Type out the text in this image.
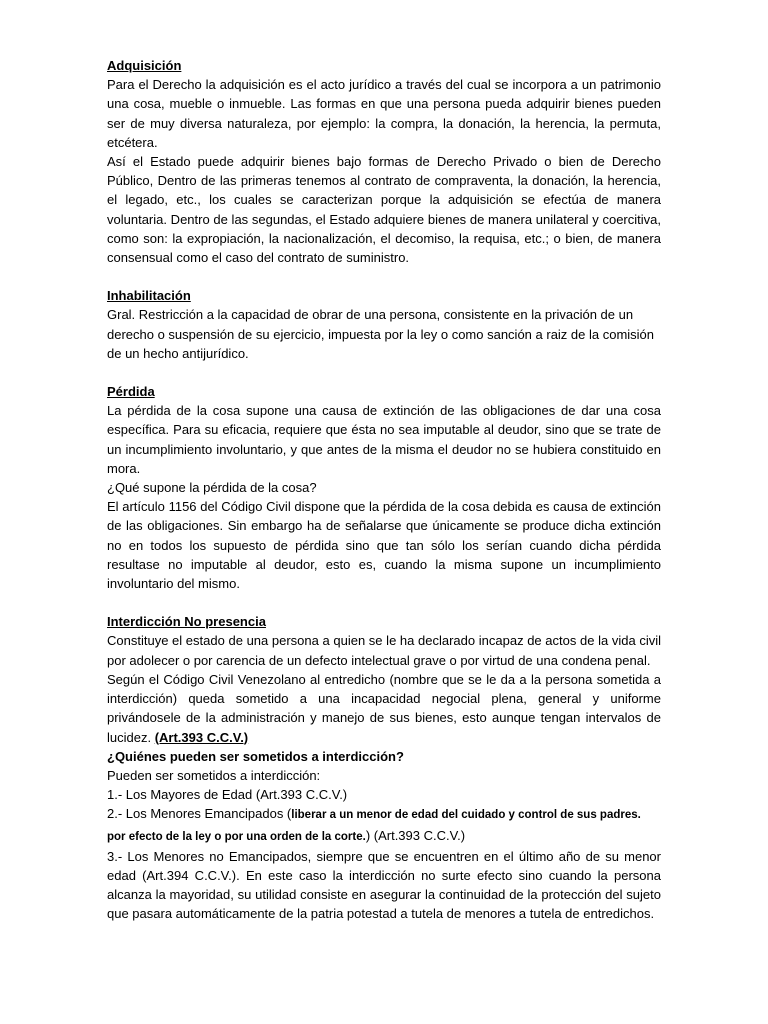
Adquisición

Para el Derecho la adquisición es el acto jurídico a través del cual se incorpora a un patrimonio una cosa, mueble o inmueble. Las formas en que una persona pueda adquirir bienes pueden ser de muy diversa naturaleza, por ejemplo: la compra, la donación, la herencia, la permuta, etcétera.

Así el Estado puede adquirir bienes bajo formas de Derecho Privado o bien de Derecho Público, Dentro de las primeras tenemos al contrato de compraventa, la donación, la herencia, el legado, etc., los cuales se caracterizan porque la adquisición se efectúa de manera voluntaria. Dentro de las segundas, el Estado adquiere bienes de manera unilateral y coercitiva, como son: la expropiación, la nacionalización, el decomiso, la requisa, etc.; o bien, de manera consensual como el caso del contrato de suministro.

Inhabilitación

Gral. Restricción a la capacidad de obrar de una persona, consistente en la privación de un derecho o suspensión de su ejercicio, impuesta por la ley o como sanción a raiz de la comisión de un hecho antijurídico.

Pérdida

La pérdida de la cosa supone una causa de extinción de las obligaciones de dar una cosa específica. Para su eficacia, requiere que ésta no sea imputable al deudor, sino que se trate de un incumplimiento involuntario, y que antes de la misma el deudor no se hubiera constituido en mora.

¿Qué supone la pérdida de la cosa?

El artículo 1156 del Código Civil dispone que la pérdida de la cosa debida es causa de extinción de las obligaciones. Sin embargo ha de señalarse que únicamente se produce dicha extinción no en todos los supuesto de pérdida sino que tan sólo los serían cuando dicha pérdida resultase no imputable al deudor, esto es, cuando la misma supone un incumplimiento involuntario del mismo.

Interdicción No presencia

Constituye el estado de una persona a quien se le ha declarado incapaz de actos de la vida civil por adolecer o por carencia de un defecto intelectual grave o por virtud de una condena penal.

Según el Código Civil Venezolano al entredicho (nombre que se le da a la persona sometida a interdicción) queda sometido a una incapacidad negocial plena, general y uniforme privándosele de la administración y manejo de sus bienes, esto aunque tengan intervalos de lucidez. (Art.393 C.C.V.)

¿Quiénes pueden ser sometidos a interdicción?

Pueden ser sometidos a interdicción:

1.- Los Mayores de Edad (Art.393 C.C.V.)

2.- Los Menores Emancipados (liberar a un menor de edad del cuidado y control de sus padres. por efecto de la ley o por una orden de la corte.) (Art.393 C.C.V.)

3.- Los Menores no Emancipados, siempre que se encuentren en el último año de su menor edad (Art.394 C.C.V.). En este caso la interdicción no surte efecto sino cuando la persona alcanza la mayoridad, su utilidad consiste en asegurar la continuidad de la protección del sujeto que pasara automáticamente de la patria potestad a tutela de menores a tutela de entredichos.
